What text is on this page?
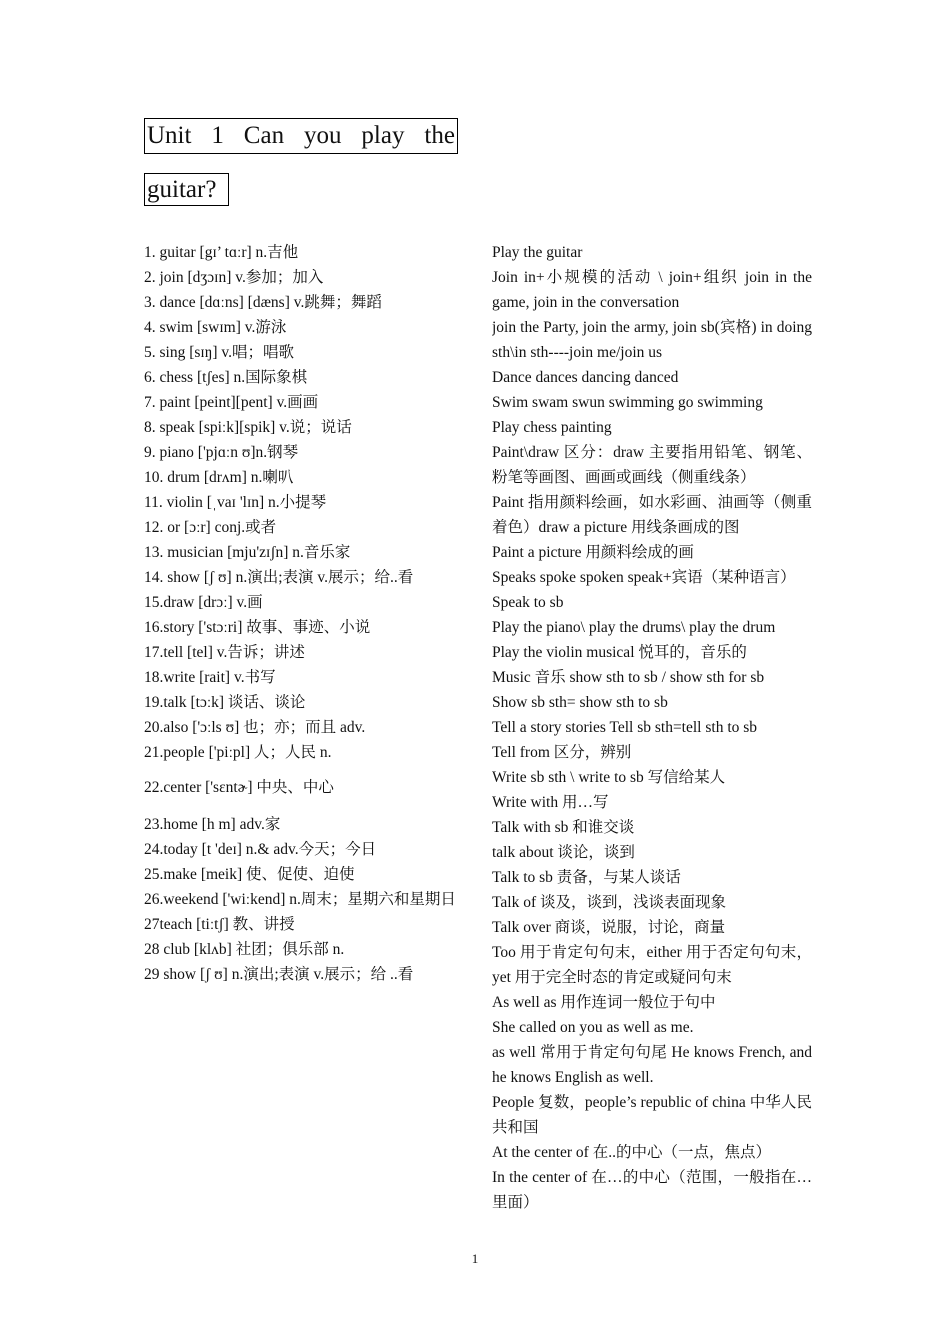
Unit 1 Can you play the
guitar?
1. guitar [gɪ’ tɑːr] n.吉他
2. join [dʒɔɪn] v.参加；加入
3. dance [dɑːns] [dæns] v.跳舞；舞蹈
4. swim [swɪm] v.游泳
5. sing [sɪŋ] v.唱；唱歌
6. chess [tʃes] n.国际象棋
7. paint [peint][pent] v.画画
8. speak [spiːk][spik] v.说；说话
9. piano ['pjɑːn ʊ]n.钢琴
10. drum [drʌm] n.喇叭
11. violin [ˌvaɪ 'lɪn] n.小提琴
12. or [ɔːr] conj.或者
13. musician [mju'zɪʃn] n.音乐家
14. show [ʃ ʊ] n.演出;表演 v.展示；给..看
15.draw [drɔː] v.画
16.story ['stɔːri] 故事、事迹、小说
17.tell [tel] v.告诉；讲述
18.write [rait] v.书写
19.talk [tɔːk] 谈话、谈论
20.also ['ɔːls ʊ] 也；亦；而且 adv.
21.people ['piːpl] 人；人民 n.
22.center ['sɛntɚ] 中央、中心
23.home [h m] adv.家
24.today [t 'deɪ] n.& adv.今天；今日
25.make [meik] 使、促使、迫使
26.weekend ['wiːkend] n.周末；星期六和星期日
27teach [tiːtʃ] 教、讲授
28 club [klʌb] 社团；俱乐部 n.
29 show [ʃ ʊ] n.演出;表演 v.展示；给 ..看
Play the guitar
Join in+小规模的活动 \ join+组织 join in the game, join in the conversation
join the Party, join the army, join sb(宾格) in doing sth\in sth----join me/join us
Dance dances dancing danced
Swim swam swun swimming go swimming
Play chess painting
Paint\draw 区分：draw 主要指用铅笔、钢笔、粉笔等画图、画画或画线（侧重线条）
Paint 指用颜料绘画，如水彩画、油画等（侧重着色）draw a picture 用线条画成的图
Paint a picture 用颜料绘成的画
Speaks spoke spoken speak+宾语（某种语言）
Speak to sb
Play the piano\ play the drums\ play the drum
Play the violin musical 悦耳的，音乐的
Music 音乐 show sth to sb / show sth for sb
Show sb sth= show sth to sb
Tell a story stories Tell sb sth=tell sth to sb
Tell from 区分，辨别
Write sb sth \ write to sb 写信给某人
Write with 用…写
Talk with sb 和谁交谈
talk about 谈论，谈到
Talk to sb 责备，与某人谈话
Talk of 谈及，谈到，浅谈表面现象
Talk over 商谈，说服，讨论，商量
Too 用于肯定句句末，either 用于否定句句末，yet 用于完全时态的肯定或疑问句末
As well as 用作连词一般位于句中
She called on you as well as me.
as well 常用于肯定句句尾 He knows French, and he knows English as well.
People 复数，people’s republic of china 中华人民共和国
At the center of 在..的中心（一点，焦点）
In the center of 在…的中心（范围，一般指在…里面）
1
